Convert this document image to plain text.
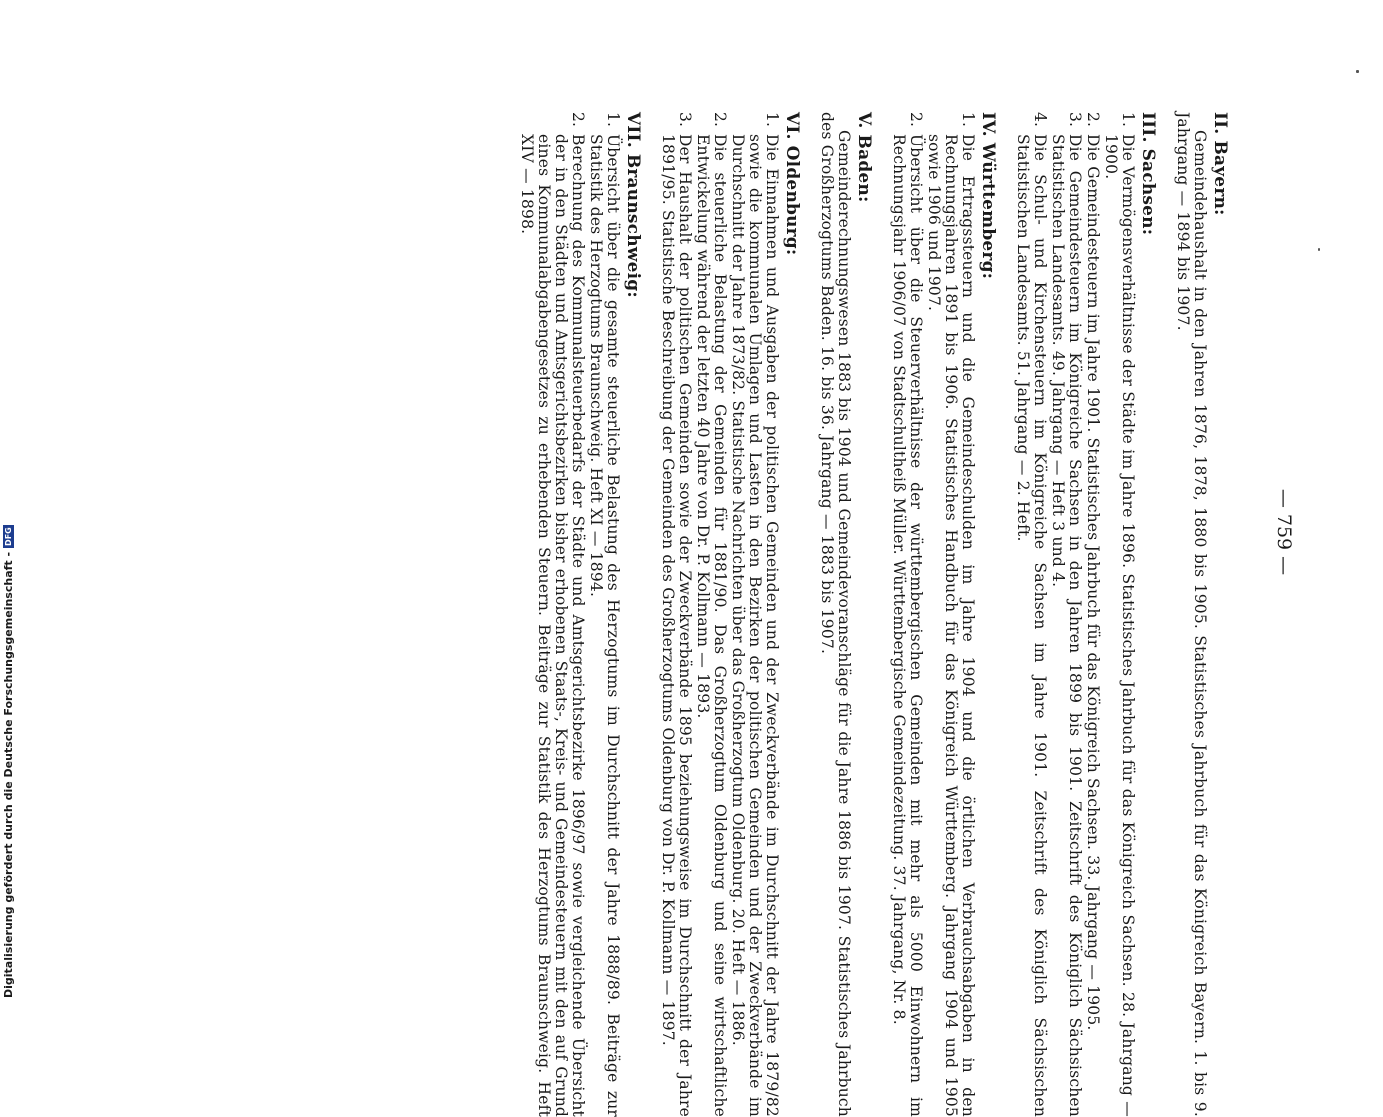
— 759 —
II.Bayern:
Gemeindehaushalt in den Jahren 1876, 1878, 1880 bis 1905. Statistisches Jahrbuch für das Königreich Bayern. 1. bis 9. Jahrgang — 1894 bis 1907.
III.Sachsen:
1.
Die Vermögensverhältnisse der Städte im Jahre 1896. Statistisches Jahrbuch für das Königreich Sachsen. 28. Jahrgang — 1900.
2.
Die Gemeindesteuern im Jahre 1901. Statistisches Jahrbuch für das Königreich Sachsen. 33. Jahrgang — 1905.
3.
Die Gemeindesteuern im Königreiche Sachsen in den Jahren 1899 bis 1901. Zeitschrift des Königlich Sächsischen Statistischen Landesamts. 49. Jahrgang — Heft 3 und 4.
4.
Die Schul- und Kirchensteuern im Königreiche Sachsen im Jahre 1901. Zeitschrift des Königlich Sächsischen Statistischen Landesamts. 51. Jahrgang — 2. Heft.
IV.Württemberg:
1.
Die Ertragssteuern und die Gemeindeschulden im Jahre 1904 und die örtlichen Verbrauchsabgaben in den Rechnungsjahren 1891 bis 1906. Statistisches Handbuch für das Königreich Württemberg. Jahrgang 1904 und 1905 sowie 1906 und 1907.
2.
Übersicht über die Steuerverhältnisse der württembergischen Gemeinden mit mehr als 5000 Einwohnern im Rechnungsjahr 1906/07 von Stadtschultheiß Müller. Württembergische Gemeindezeitung. 37. Jahrgang, Nr. 8.
V.Baden:
Gemeinderechnungswesen 1883 bis 1904 und Gemeindevoranschläge für die Jahre 1886 bis 1907. Statistisches Jahrbuch des Großherzogtums Baden. 16. bis 36. Jahrgang — 1883 bis 1907.
VI.Oldenburg:
1.
Die Einnahmen und Ausgaben der politischen Gemeinden und der Zweckverbände im Durchschnitt der Jahre 1879/82 sowie die kommunalen Umlagen und Lasten in den Bezirken der politischen Gemeinden und der Zweckverbände im Durchschnitt der Jahre 1873/82. Statistische Nachrichten über das Großherzogtum Oldenburg. 20. Heft — 1886.
2.
Die steuerliche Belastung der Gemeinden für 1881/90. Das Großherzogtum Oldenburg und seine wirtschaftliche Entwickelung während der letzten 40 Jahre von Dr. P. Kollmann — 1893.
3.
Der Haushalt der politischen Gemeinden sowie der Zweckverbände 1895 beziehungsweise im Durchschnitt der Jahre 1891/95. Statistische Beschreibung der Gemeinden des Großherzogtums Oldenburg von Dr. P. Kollmann — 1897.
VII.Braunschweig:
1.
Übersicht über die gesamte steuerliche Belastung des Herzogtums im Durchschnitt der Jahre 1888/89. Beiträge zur Statistik des Herzogtums Braunschweig. Heft XI — 1894.
2.
Berechnung des Kommunalsteuerbedarfs der Städte und Amtsgerichtsbezirke 1896/97 sowie vergleichende Übersicht der in den Städten und Amtsgerichtsbezirken bisher erhobenen Staats-, Kreis- und Gemeindesteuern mit den auf Grund eines Kommunalabgabengesetzes zu erhebenden Steuern. Beiträge zur Statistik des Herzogtums Braunschweig. Heft XIV — 1898.
Digitalisierung gefördert durch die Deutsche Forschungsgemeinschaft -
DFG
